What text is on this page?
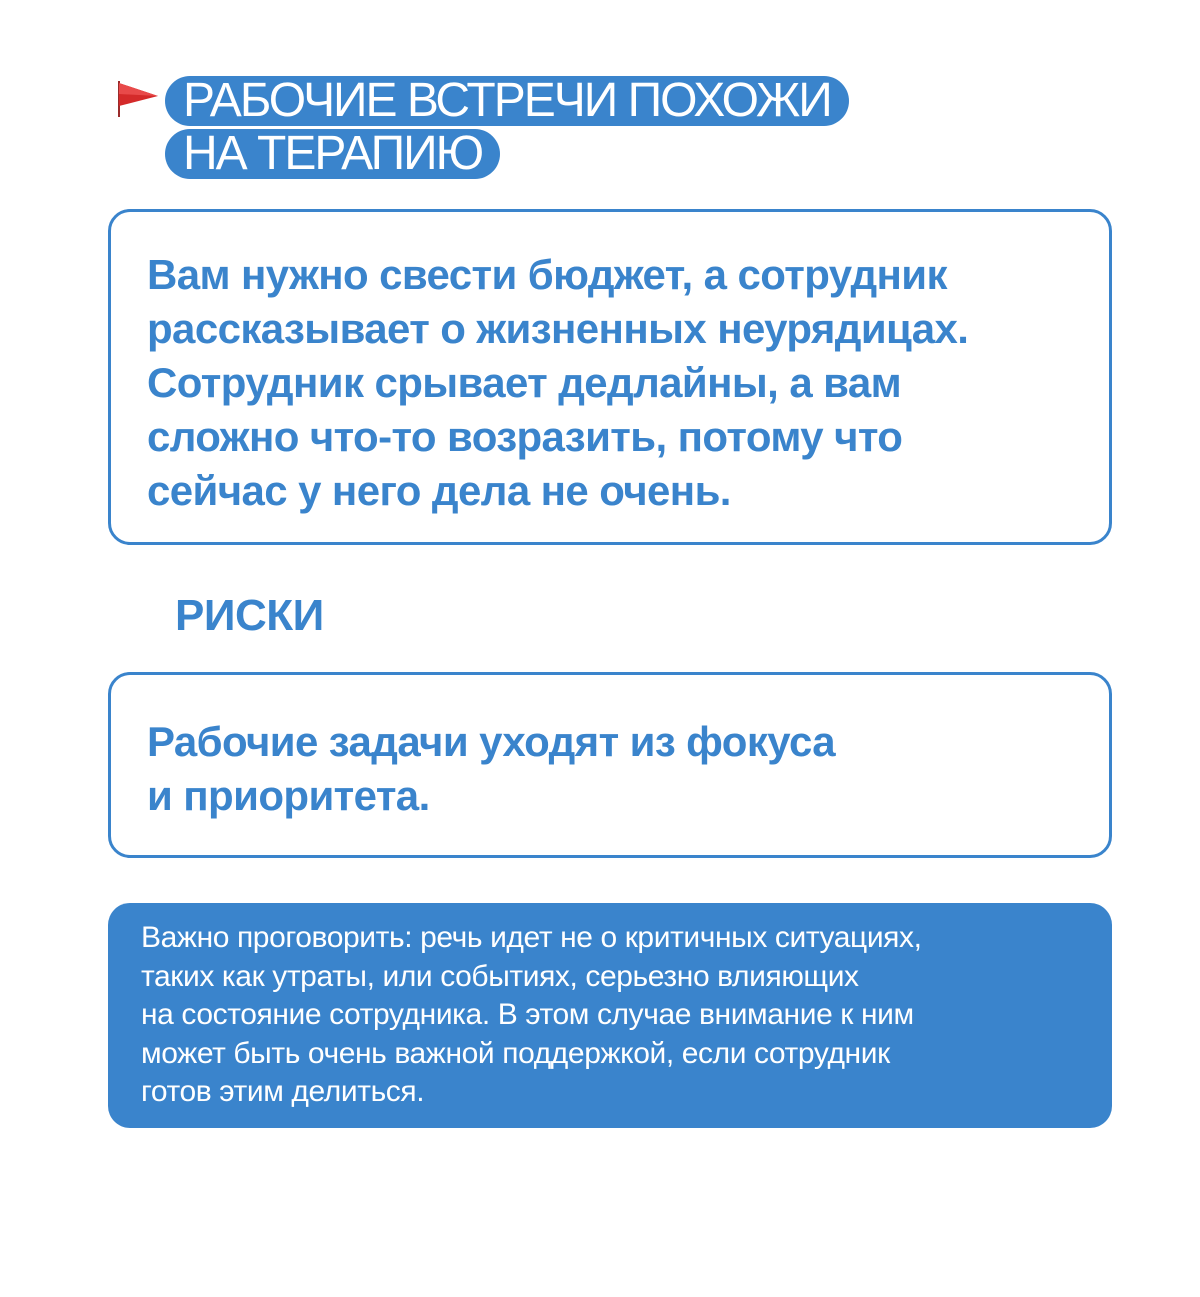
РАБОЧИЕ ВСТРЕЧИ ПОХОЖИ
НА ТЕРАПИЮ
Вам нужно свести бюджет, а сотрудник
рассказывает о жизненных неурядицах.
Сотрудник срывает дедлайны, а вам
сложно что-то возразить, потому что
сейчас у него дела не очень.
РИСКИ
Рабочие задачи уходят из фокуса
и приоритета.
Важно проговорить: речь идет не о критичных ситуациях,
таких как утраты, или событиях, серьезно влияющих
на состояние сотрудника. В этом случае внимание к ним
может быть очень важной поддержкой, если сотрудник
готов этим делиться.
